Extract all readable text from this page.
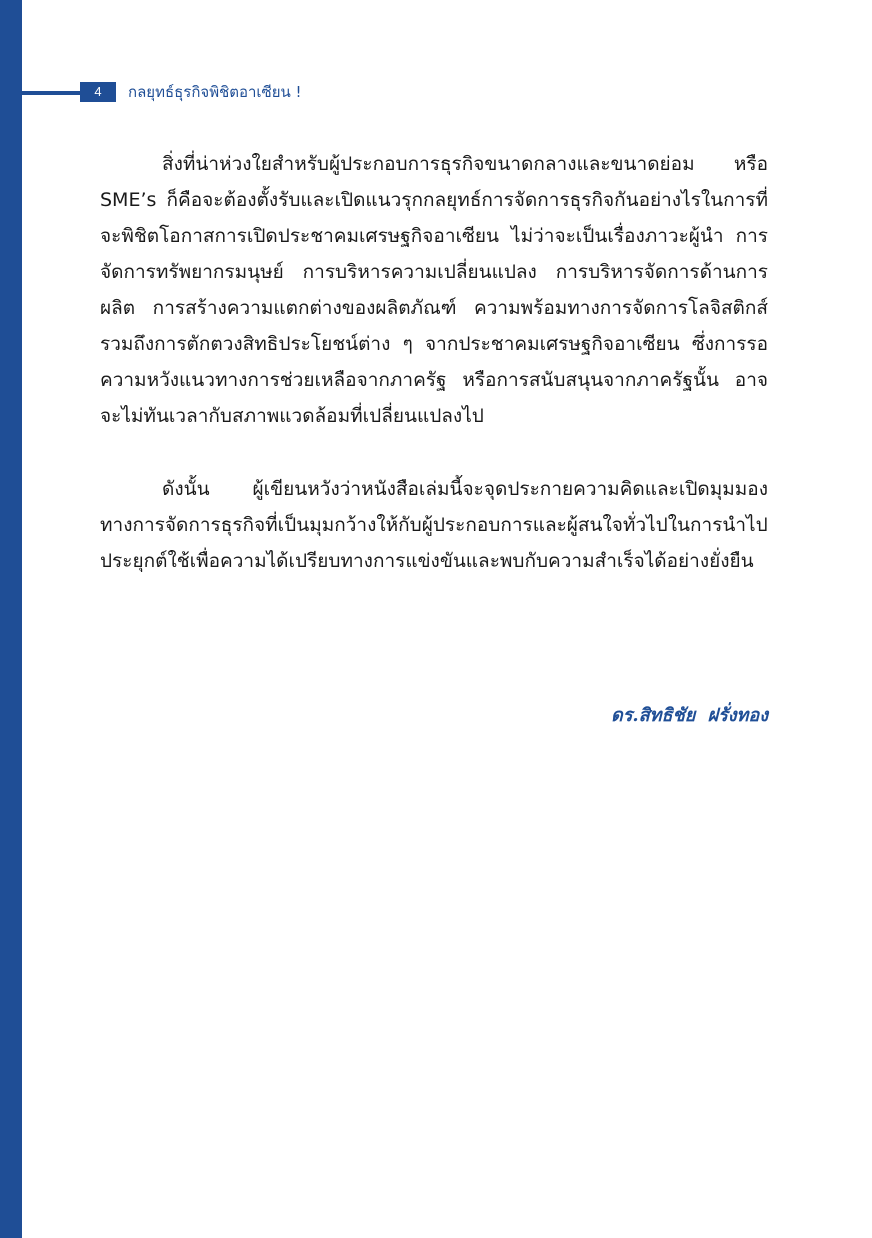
4	กลยุทธ์ธุรกิจพิชิตอาเซียน !

สิ่งที่น่าห่วงใยสำหรับผู้ประกอบการธุรกิจขนาดกลางและขนาดย่อม หรือ SME’s ก็คือจะต้องตั้งรับและเปิดแนวรุกกลยุทธ์การจัดการธุรกิจกันอย่างไรในการที่จะพิชิตโอกาสการเปิดประชาคมเศรษฐกิจอาเซียน ไม่ว่าจะเป็นเรื่องภาวะผู้นำ การจัดการทรัพยากรมนุษย์ การบริหารความเปลี่ยนแปลง การบริหารจัดการด้านการผลิต การสร้างความแตกต่างของผลิตภัณฑ์ ความพร้อมทางการจัดการโลจิสติกส์ รวมถึงการตักตวงสิทธิประโยชน์ต่าง ๆ จากประชาคมเศรษฐกิจอาเซียน ซึ่งการรอความหวังแนวทางการช่วยเหลือจากภาครัฐ หรือการสนับสนุนจากภาครัฐนั้น อาจจะไม่ทันเวลากับสภาพแวดล้อมที่เปลี่ยนแปลงไป

ดังนั้น ผู้เขียนหวังว่าหนังสือเล่มนี้จะจุดประกายความคิดและเปิดมุมมองทางการจัดการธุรกิจที่เป็นมุมกว้างให้กับผู้ประกอบการและผู้สนใจทั่วไปในการนำไปประยุกต์ใช้เพื่อความได้เปรียบทางการแข่งขันและพบกับความสำเร็จได้อย่างยั่งยืน

ดร.สิทธิชัย ฝรั่งทอง
